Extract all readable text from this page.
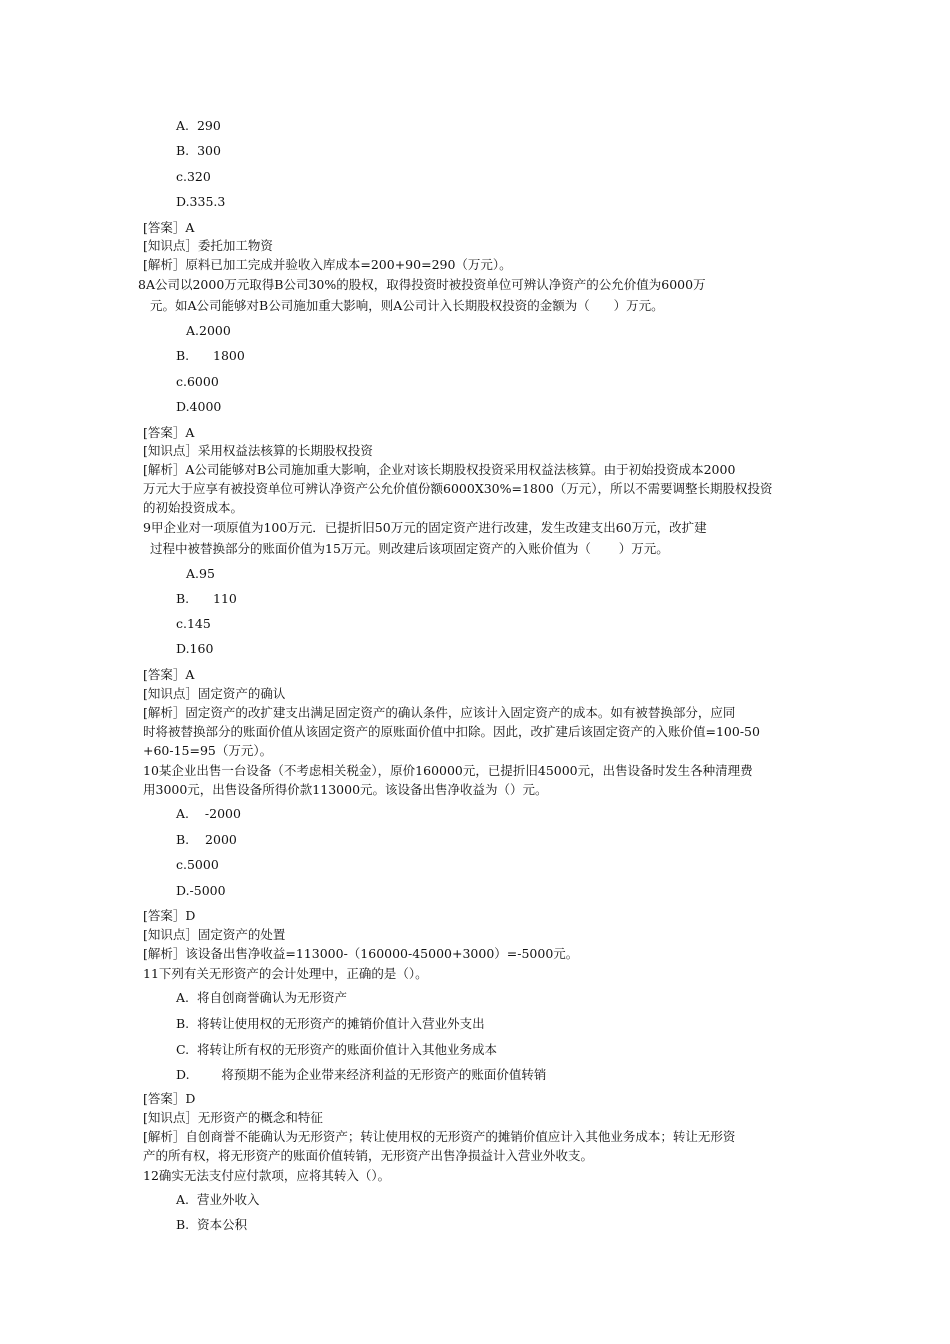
A.  290
B.  300
c.320
D.335.3
[答案］A
[知识点］委托加工物资
[解析］原料已加工完成并验收入库成本=200+90=290（万元）。
8A公司以2000万元取得B公司30%的股权，取得投资时被投资单位可辨认净资产的公允价值为6000万
元。如A公司能够对B公司施加重大影响，则A公司计入长期股权投资的金额为（      ）万元。
A.2000
B.      1800
c.6000
D.4000
[答案］A
[知识点］采用权益法核算的长期股权投资
[解析］A公司能够对B公司施加重大影响，企业对该长期股权投资采用权益法核算。由于初始投资成本2000
万元大于应享有被投资单位可辨认净资产公允价值份额6000X30%=1800（万元），所以不需要调整长期股权投资
的初始投资成本。
9甲企业对一项原值为100万元．已提折旧50万元的固定资产进行改建，发生改建支出60万元，改扩建
过程中被替换部分的账面价值为15万元。则改建后该项固定资产的入账价值为（       ）万元。
A.95
B.      110
c.145
D.160
[答案］A
[知识点］固定资产的确认
[解析］固定资产的改扩建支出满足固定资产的确认条件，应该计入固定资产的成本。如有被替换部分，应同
时将被替换部分的账面价值从该固定资产的原账面价值中扣除。因此，改扩建后该固定资产的入账价值=100-50
+60-15=95（万元）。
10某企业出售一台设备（不考虑相关税金），原价160000元，已提折旧45000元，出售设备时发生各种清理费
用3000元，出售设备所得价款113000元。该设备出售净收益为（）元。
A.    -2000
B.    2000
c.5000
D.-5000
[答案］D
[知识点］固定资产的处置
[解析］该设备出售净收益=113000-（160000-45000+3000）=-5000元。
11下列有关无形资产的会计处理中，正确的是（）。
A.  将自创商誉确认为无形资产
B.  将转让使用权的无形资产的摊销价值计入营业外支出
C.  将转让所有权的无形资产的账面价值计入其他业务成本
D.        将预期不能为企业带来经济利益的无形资产的账面价值转销
[答案］D
[知识点］无形资产的概念和特征
[解析］自创商誉不能确认为无形资产；转让使用权的无形资产的摊销价值应计入其他业务成本；转让无形资
产的所有权，将无形资产的账面价值转销，无形资产出售净损益计入营业外收支。
12确实无法支付应付款项，应将其转入（）。
A.  营业外收入
B.  资本公积
